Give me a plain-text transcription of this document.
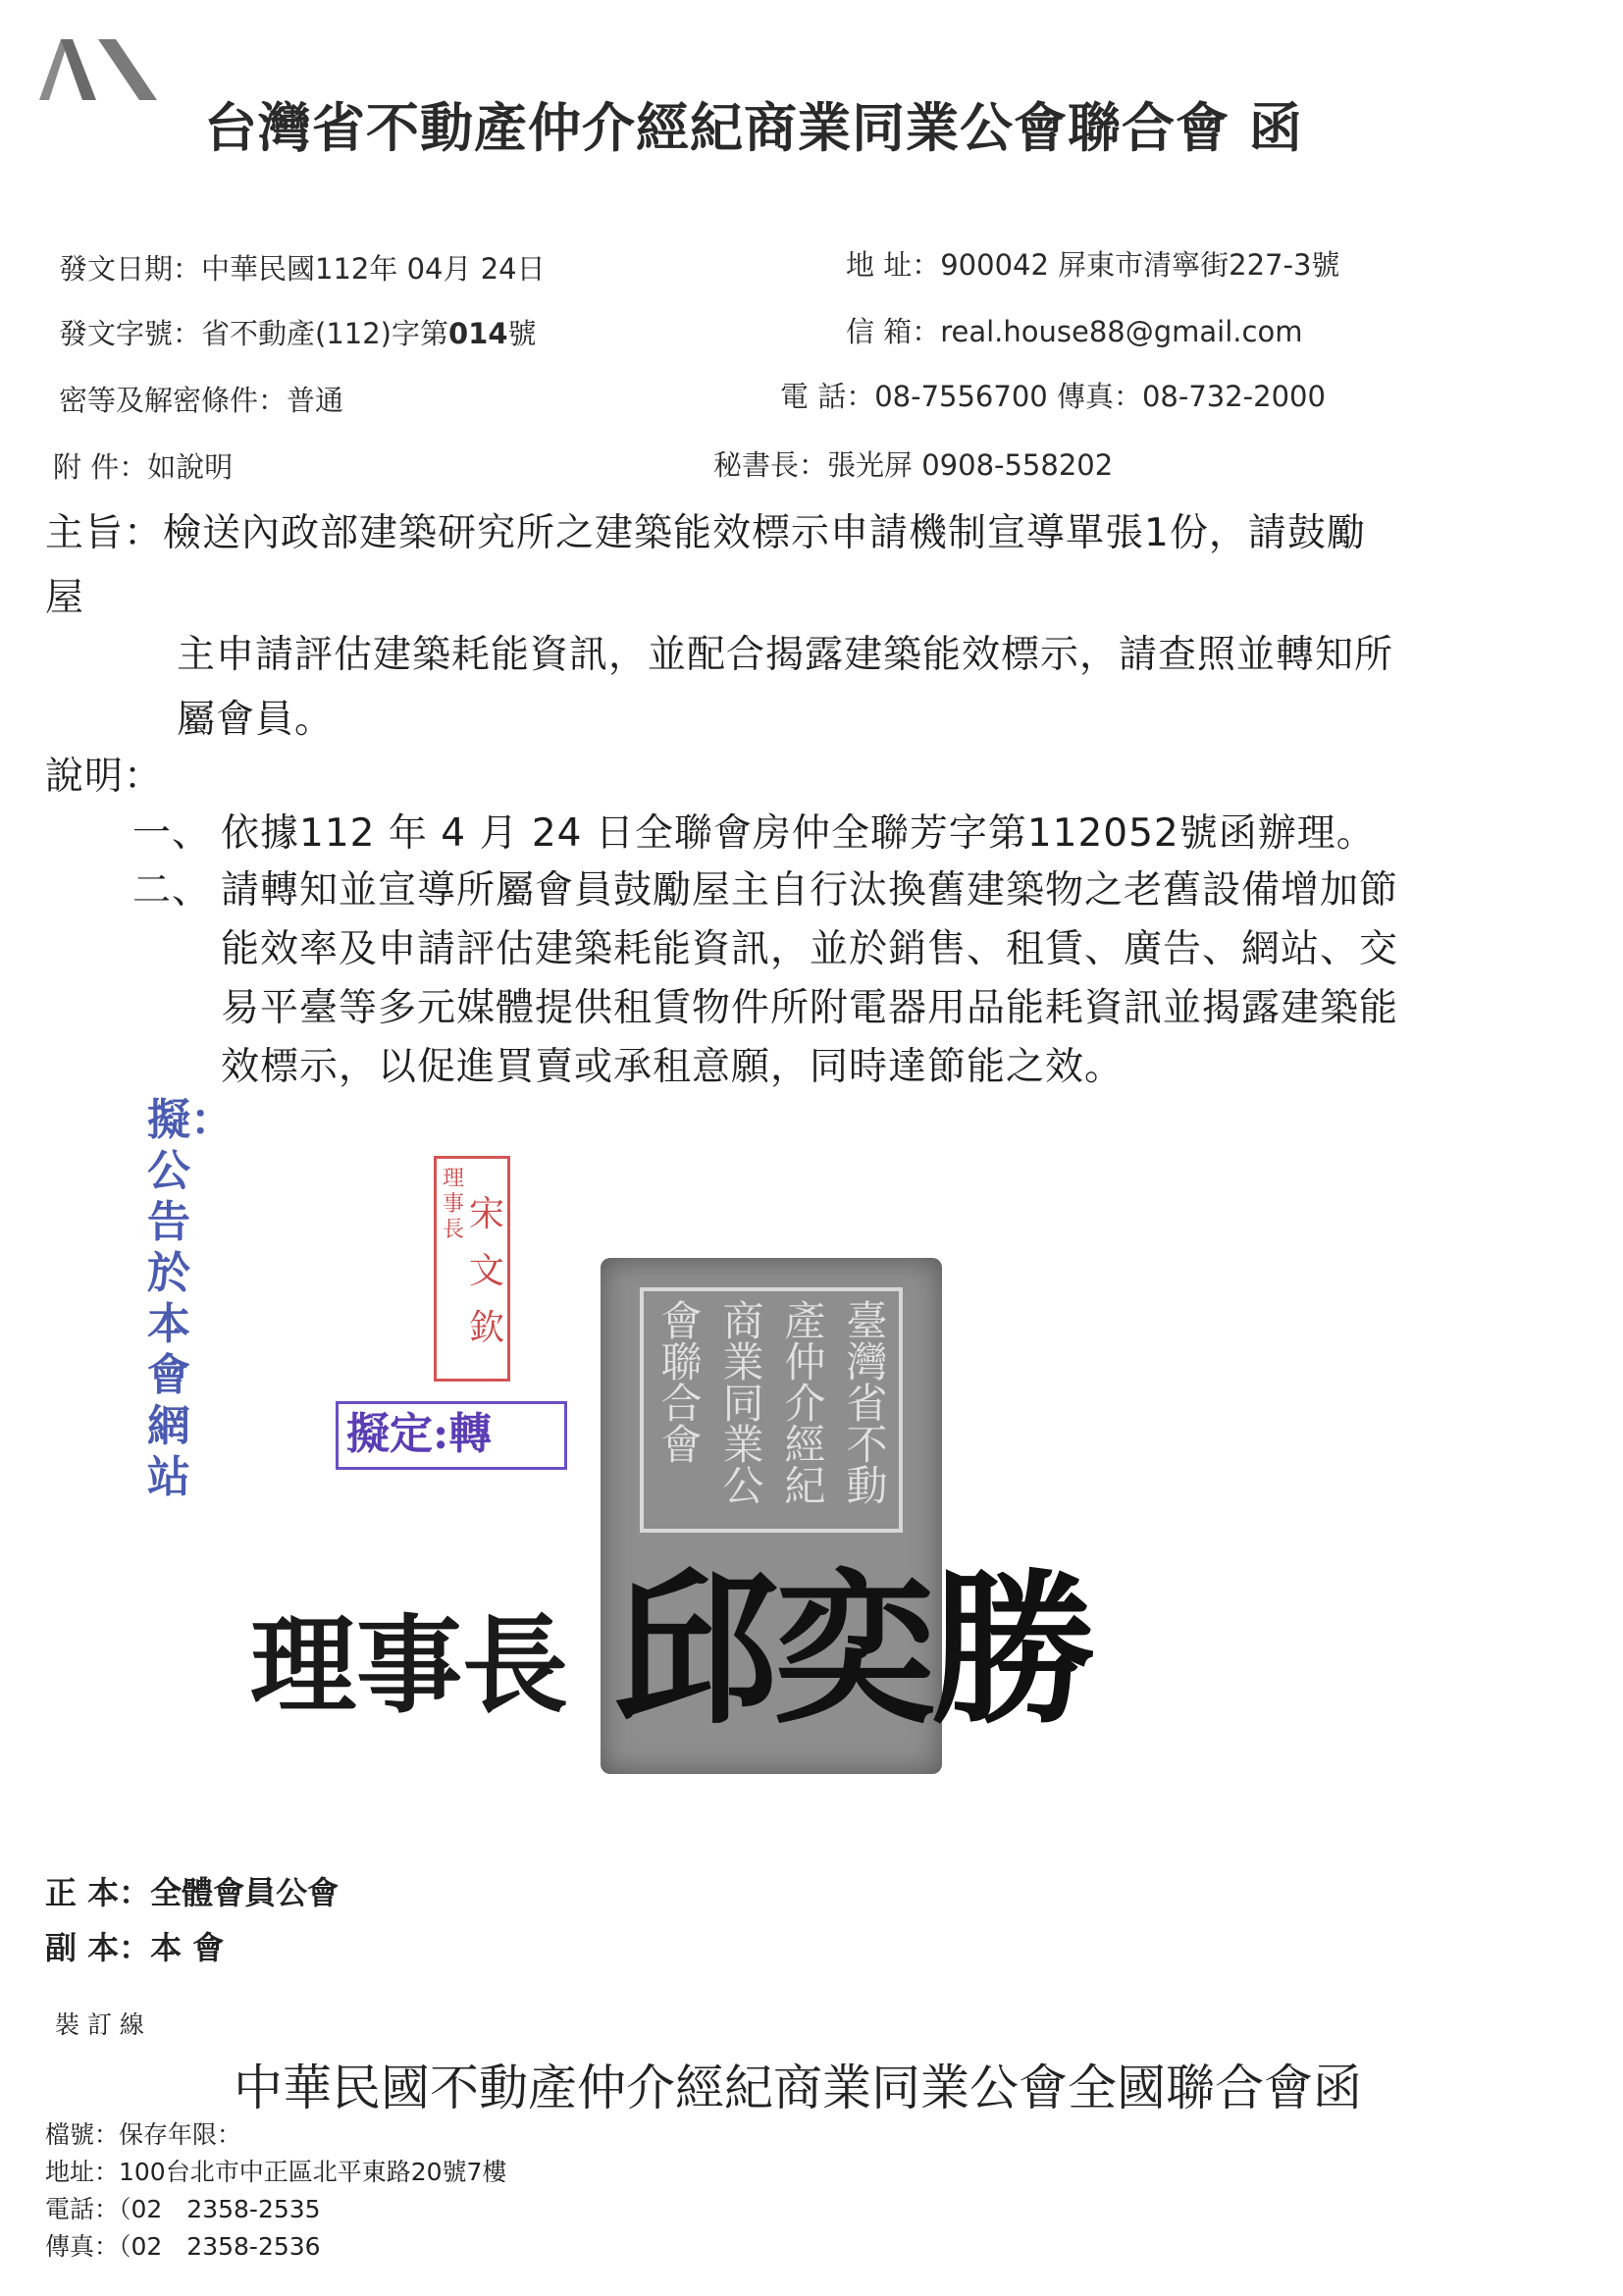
台灣省不動產仲介經紀商業同業公會聯合會 函
發文日期：中華民國112年 04月 24日
發文字號：省不動產(112)字第014號
密等及解密條件：普通
附 件：如說明
地 址：900042 屏東市清寧街227-3號
信 箱：real.house88@gmail.com
電 話：08-7556700 傳真：08-732-2000
秘書長：張光屏 0908-558202
主旨：檢送內政部建築研究所之建築能效標示申請機制宣導單張1份，請鼓勵
屋
主申請評估建築耗能資訊，並配合揭露建築能效標示，請查照並轉知所
屬會員。
說明：
一、 依據112 年 4 月 24 日全聯會房仲全聯芳字第112052號函辦理。
二、 請轉知並宣導所屬會員鼓勵屋主自行汰換舊建築物之老舊設備增加節
能效率及申請評估建築耗能資訊，並於銷售、租賃、廣告、網站、交
易平臺等多元媒體提供租賃物件所附電器用品能耗資訊並揭露建築能
效標示，以促進買賣或承租意願，同時達節能之效。
擬：公告於本會網站
理事長 宋文欽
擬定:轉	臺灣省不動
產仲介經紀
商業同業公
會聯合會
理事長 邱奕勝
正 本：全體會員公會
副 本：本 會
裝 訂 線
中華民國不動產仲介經紀商業同業公會全國聯合會函
檔號：保存年限：
地址：100台北市中正區北平東路20號7樓
電話：（02　2358-2535
傳真：（02　2358-2536
